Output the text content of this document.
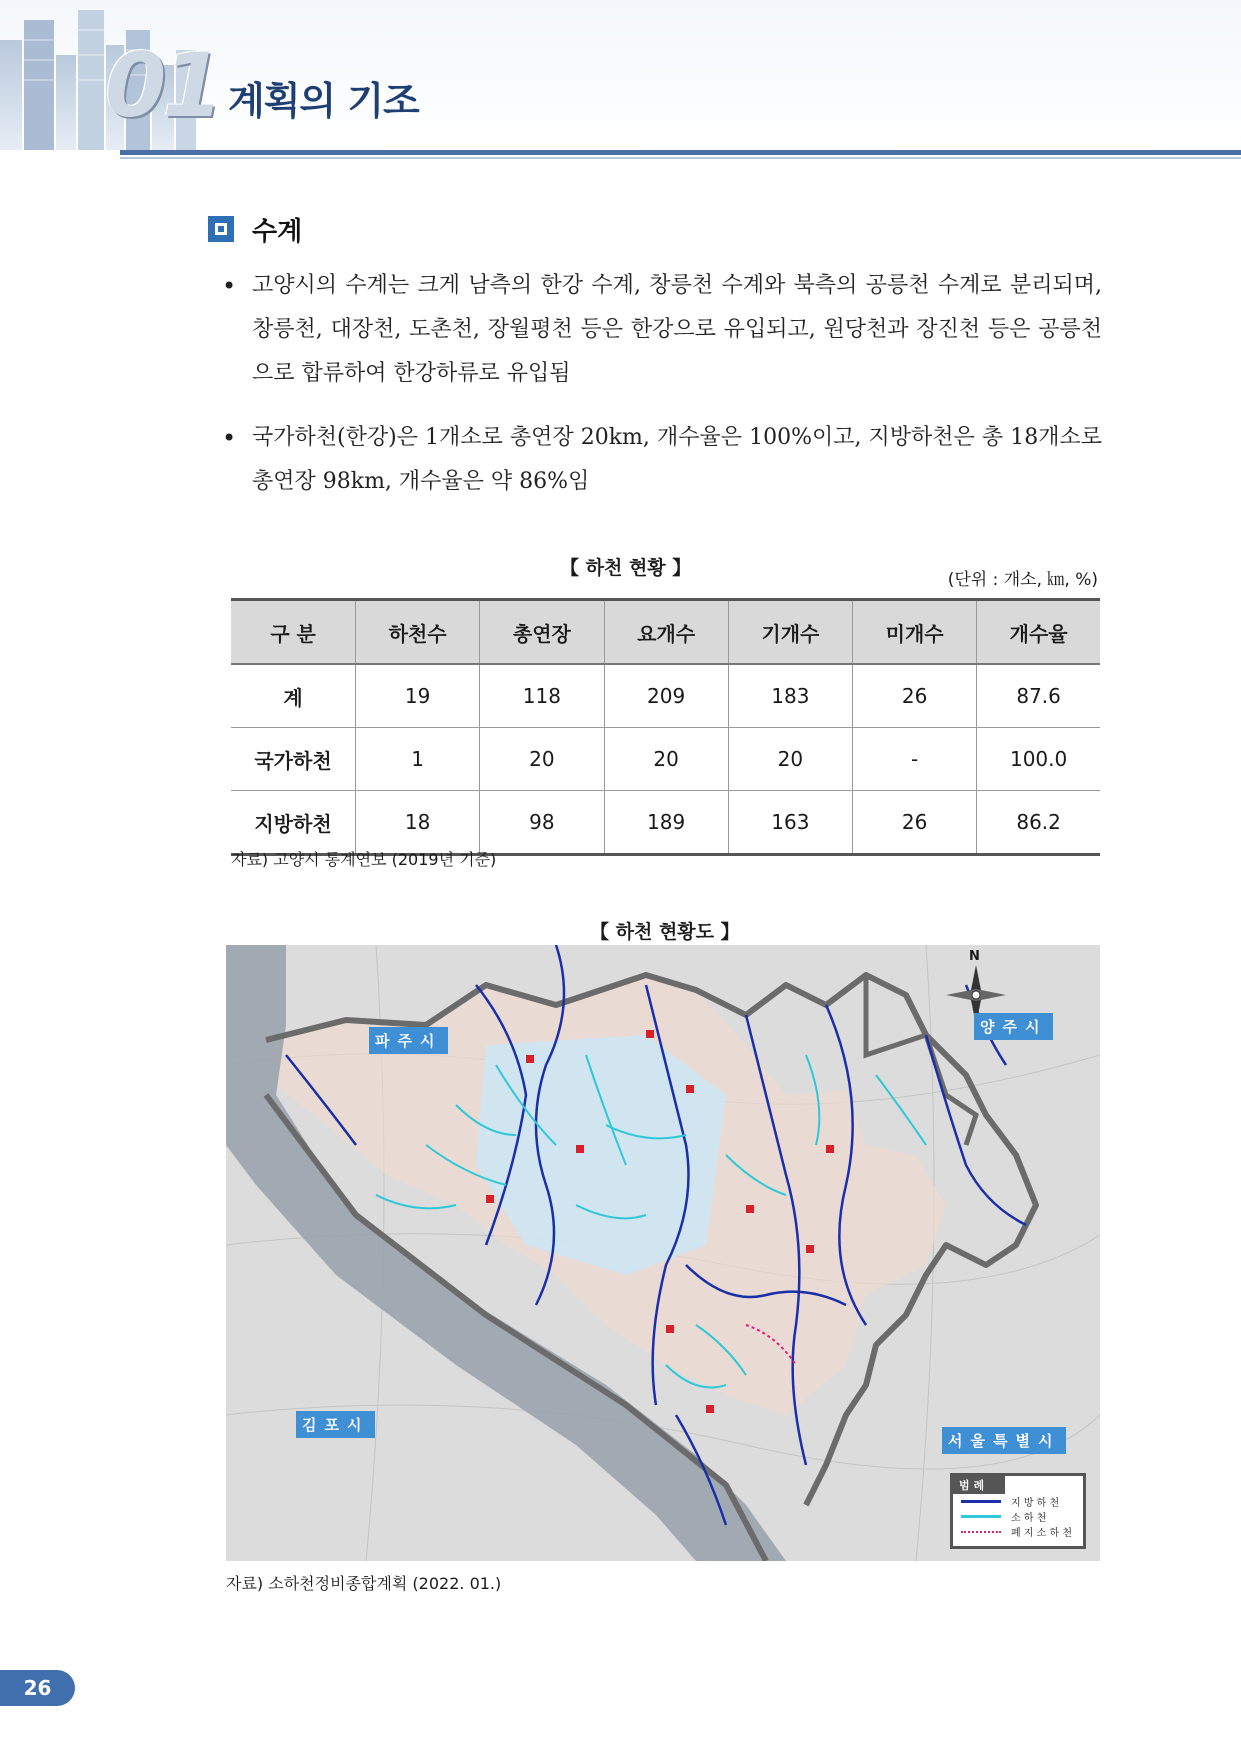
01 계획의 기조
수계
• 고양시의 수계는 크게 남측의 한강 수계, 창릉천 수계와 북측의 공릉천 수계로 분리되며, 창릉천, 대장천, 도촌천, 장월평천 등은 한강으로 유입되고, 원당천과 장진천 등은 공릉천으로 합류하여 한강하류로 유입됨
• 국가하천(한강)은 1개소로 총연장 20km, 개수율은 100%이고, 지방하천은 총 18개소로 총연장 98km, 개수율은 약 86%임
【 하천 현황 】
(단위 : 개소, ㎞, %)
구 분	하천수	총연장	요개수	기개수	미개수	개수율
계	19	118	209	183	26	87.6
국가하천	1	20	20	20	-	100.0
지방하천	18	98	189	163	26	86.2
자료) 고양시 통계연보 (2019년 기준)
【 하천 현황도 】
N
파주시
양주시
김포시
서울특별시
범 례
지 방 하 천
소 하 천
폐 지 소 하 천
자료) 소하천정비종합계획 (2022. 01.)
26
